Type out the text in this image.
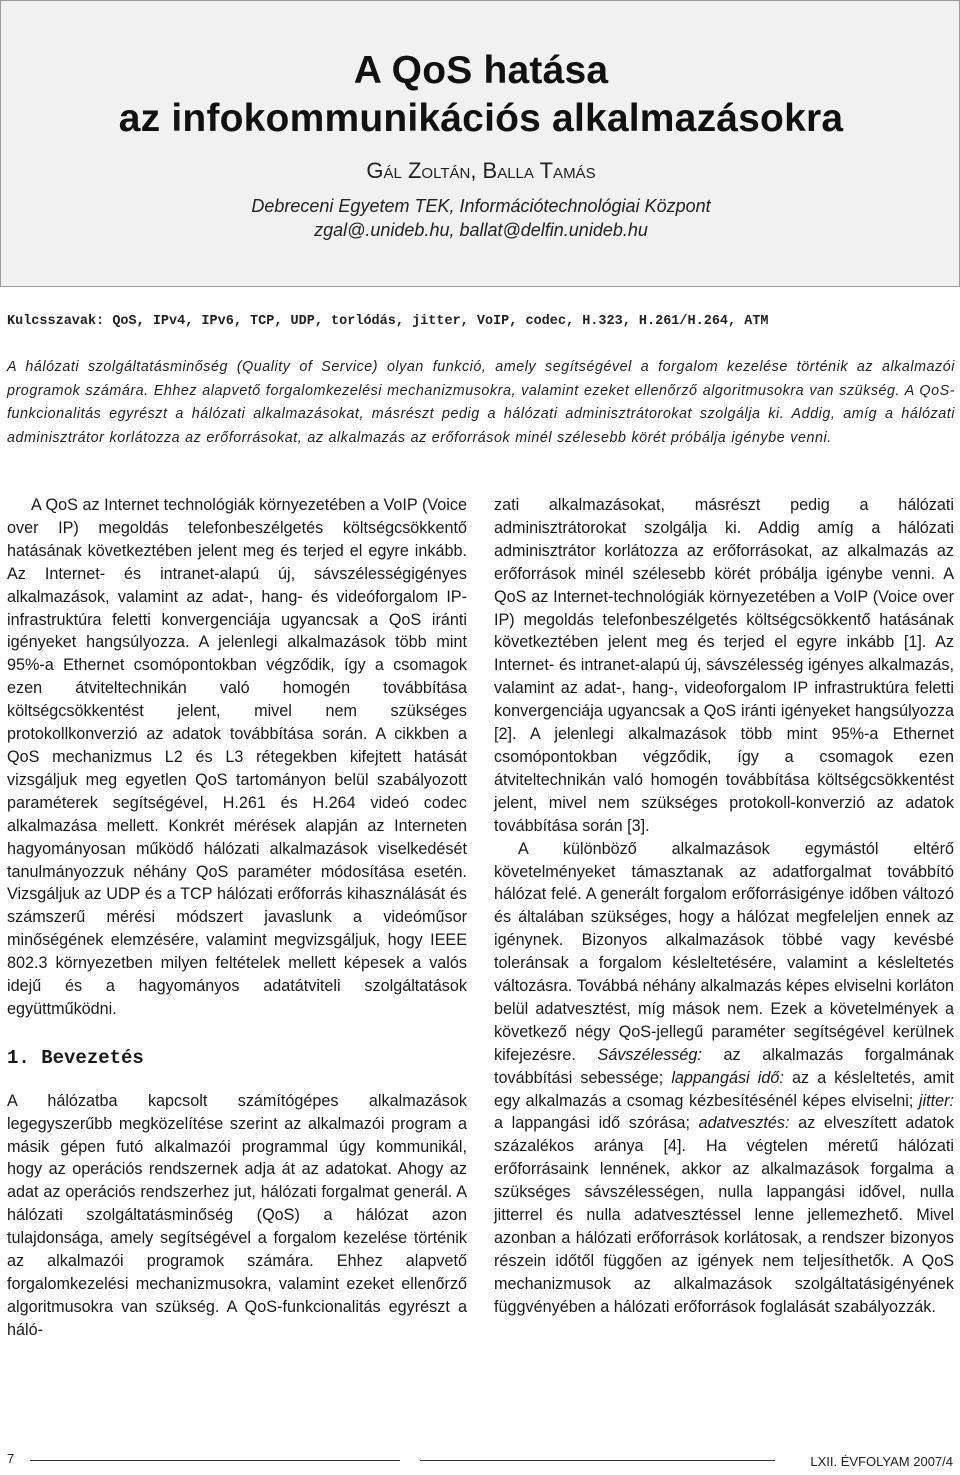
A QoS hatása
az infokommunikációs alkalmazásokra
Gál Zoltán, Balla Tamás
Debreceni Egyetem TEK, Információtechnológiai Központ
zgal@.unideb.hu, ballat@delfin.unideb.hu
Kulcsszavak: QoS, IPv4, IPv6, TCP, UDP, torlódás, jitter, VoIP, codec, H.323, H.261/H.264, ATM
A hálózati szolgáltatásminőség (Quality of Service) olyan funkció, amely segítségével a forgalom kezelése történik az alkalmazói programok számára. Ehhez alapvető forgalomkezelési mechanizmusokra, valamint ezeket ellenőrző algoritmusokra van szükség. A QoS-funkcionalitás egyrészt a hálózati alkalmazásokat, másrészt pedig a hálózati adminisztrátorokat szolgálja ki. Addig, amíg a hálózati adminisztrátor korlátozza az erőforrásokat, az alkalmazás az erőforrások minél szélesebb körét próbálja igénybe venni.

A QoS az Internet technológiák környezetében a VoIP (Voice over IP) megoldás telefonbeszélgetés költségcsökkentő hatásának következtében jelent meg és terjed el egyre inkább. Az Internet- és intranet-alapú új, sávszélességigényes alkalmazások, valamint az adat-, hang- és videóforgalom IP-infrastruktúra feletti konvergenciája ugyancsak a QoS iránti igényeket hangsúlyozza. A jelenlegi alkalmazások több mint 95%-a Ethernet csomópontokban végződik, így a csomagok ezen átviteltechnikán való homogén továbbítása költségcsökkentést jelent, mivel nem szükséges protokollkonverzió az adatok továbbítása során. A cikkben a QoS mechanizmus L2 és L3 rétegekben kifejtett hatását vizsgáljuk meg egyetlen QoS tartományon belül szabályozott paraméterek segítségével, H.261 és H.264 videó codec alkalmazása mellett. Konkrét mérések alapján az Interneten hagyományosan működő hálózati alkalmazások viselkedését tanulmányozzuk néhány QoS paraméter módosítása esetén. Vizsgáljuk az UDP és a TCP hálózati erőforrás kihasználását és számszerű mérési módszert javaslunk a videóműsor minőségének elemzésére, valamint megvizsgáljuk, hogy IEEE 802.3 környezetben milyen feltételek mellett képesek a valós idejű és a hagyományos adatátviteli szolgáltatások együttműködni.

1. Bevezetés

A hálózatba kapcsolt számítógépes alkalmazások legegyszerűbb megközelítése szerint az alkalmazói program a másik gépen futó alkalmazói programmal úgy kommunikál, hogy az operációs rendszernek adja át az adatokat. Ahogy az adat az operációs rendszerhez jut, hálózati forgalmat generál. A hálózati szolgáltatásminőség (QoS) a hálózat azon tulajdonsága, amely segítségével a forgalom kezelése történik az alkalmazói programok számára. Ehhez alapvető forgalomkezelési mechanizmusokra, valamint ezeket ellenőrző algoritmusokra van szükség. A QoS-funkcionalitás egyrészt a háló-

zati alkalmazásokat, másrészt pedig a hálózati adminisztrátorokat szolgálja ki. Addig amíg a hálózati adminisztrátor korlátozza az erőforrásokat, az alkalmazás az erőforrások minél szélesebb körét próbálja igénybe venni. A QoS az Internet-technológiák környezetében a VoIP (Voice over IP) megoldás telefonbeszélgetés költségcsökkentő hatásának következtében jelent meg és terjed el egyre inkább [1]. Az Internet- és intranet-alapú új, sávszélesség igényes alkalmazás, valamint az adat-, hang-, videoforgalom IP infrastruktúra feletti konvergenciája ugyancsak a QoS iránti igényeket hangsúlyozza [2]. A jelenlegi alkalmazások több mint 95%-a Ethernet csomópontokban végződik, így a csomagok ezen átviteltechnikán való homogén továbbítása költségcsökkentést jelent, mivel nem szükséges protokoll-konverzió az adatok továbbítása során [3].

A különböző alkalmazások egymástól eltérő követelményeket támasztanak az adatforgalmat továbbító hálózat felé. A generált forgalom erőforrásigénye időben változó és általában szükséges, hogy a hálózat megfeleljen ennek az igénynek. Bizonyos alkalmazások többé vagy kevésbé toleránsak a forgalom késleltetésére, valamint a késleltetés változásra. Továbbá néhány alkalmazás képes elviselni korláton belül adatvesztést, míg mások nem. Ezek a követelmények a következő négy QoS-jellegű paraméter segítségével kerülnek kifejezésre. Sávszélesség: az alkalmazás forgalmának továbbítási sebessége; lappangási idő: az a késleltetés, amit egy alkalmazás a csomag kézbesítésénél képes elviselni; jitter: a lappangási idő szórása; adatvesztés: az elveszített adatok százalékos aránya [4]. Ha végtelen méretű hálózati erőforrásaink lennének, akkor az alkalmazások forgalma a szükséges sávszélességen, nulla lappangási idővel, nulla jitterrel és nulla adatvesztéssel lenne jellemezhető. Mivel azonban a hálózati erőforrások korlátosak, a rendszer bizonyos részein időtől függően az igények nem teljesíthetők. A QoS mechanizmusok az alkalmazások szolgáltatásigényének függvényében a hálózati erőforrások foglalását szabályozzák.

7	LXII. ÉVFOLYAM 2007/4
